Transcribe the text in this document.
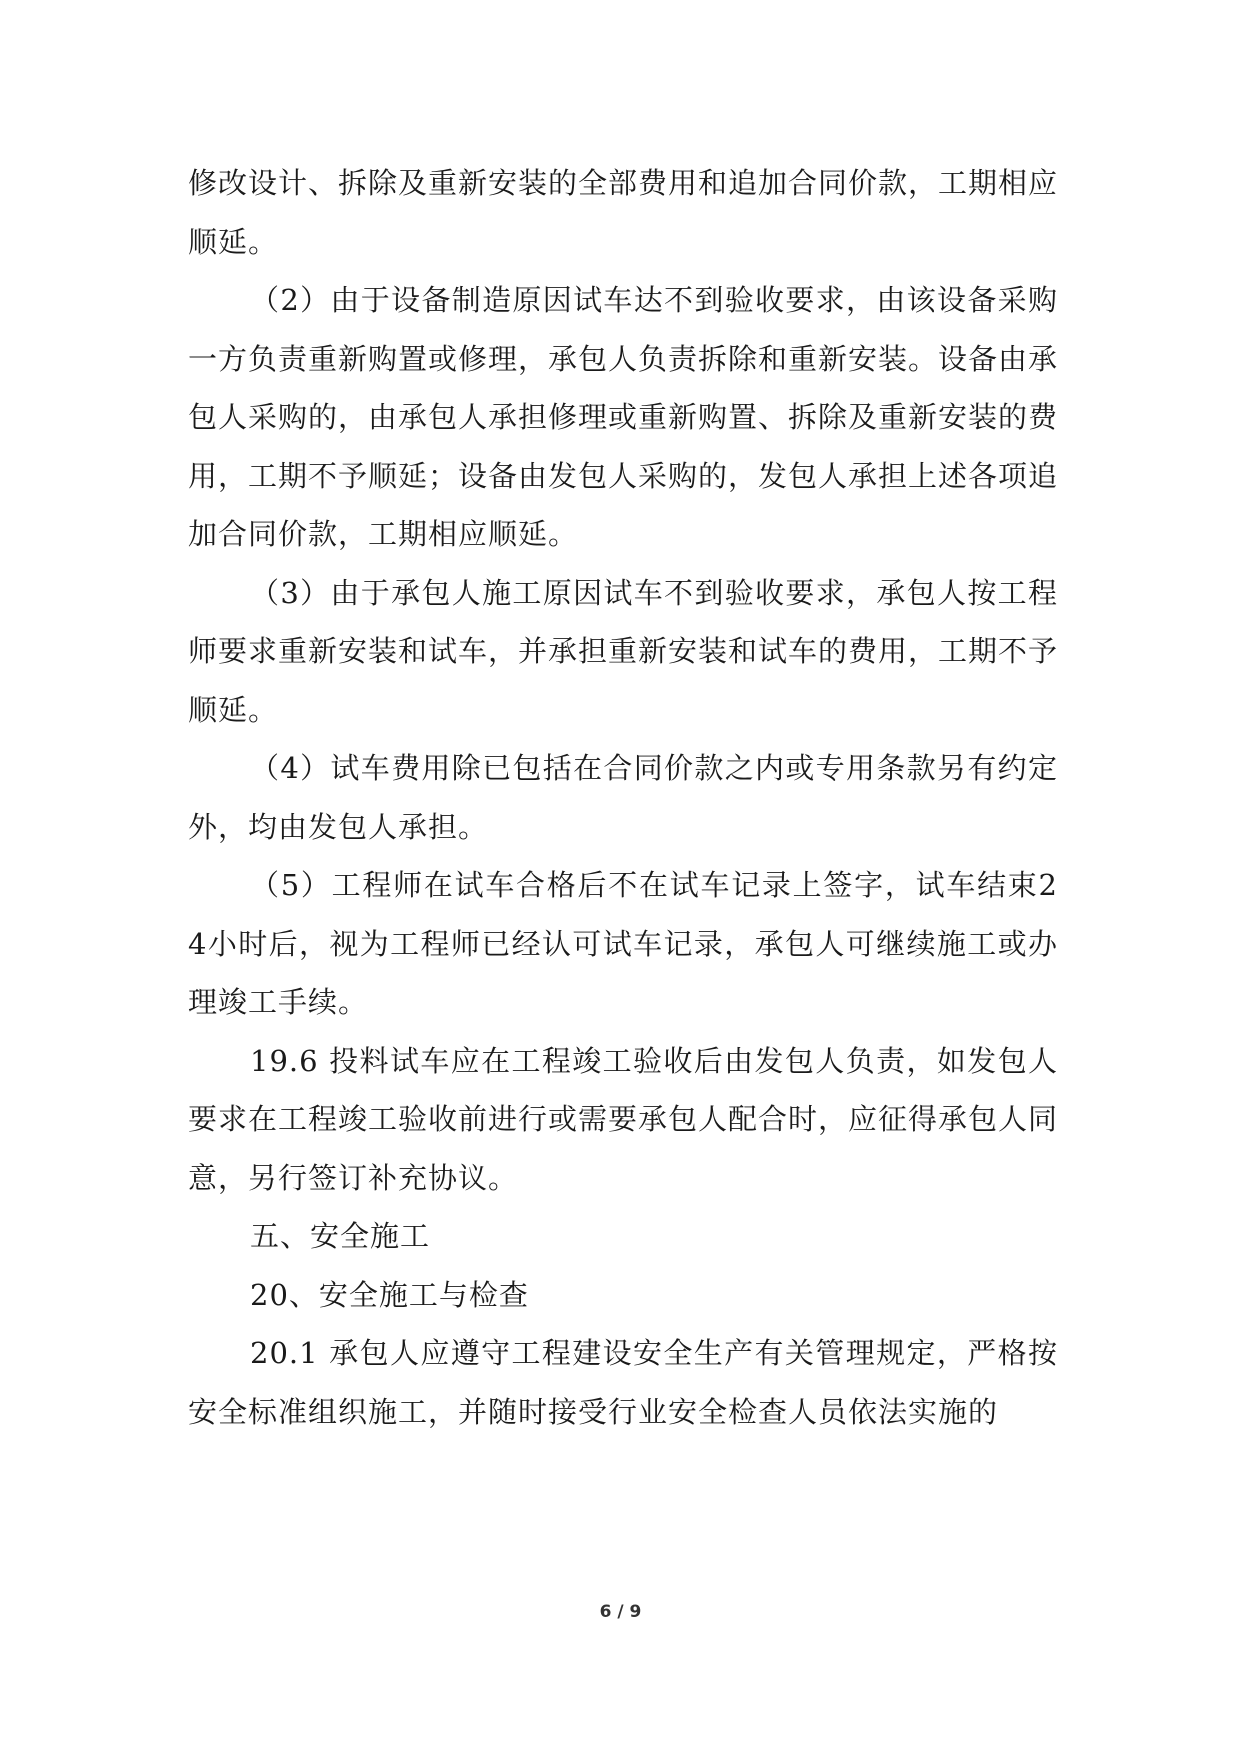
修改设计、拆除及重新安装的全部费用和追加合同价款，工期相应顺延。

（2）由于设备制造原因试车达不到验收要求，由该设备采购一方负责重新购置或修理，承包人负责拆除和重新安装。设备由承包人采购的，由承包人承担修理或重新购置、拆除及重新安装的费用，工期不予顺延；设备由发包人采购的，发包人承担上述各项追加合同价款，工期相应顺延。

（3）由于承包人施工原因试车不到验收要求，承包人按工程师要求重新安装和试车，并承担重新安装和试车的费用，工期不予顺延。

（4）试车费用除已包括在合同价款之内或专用条款另有约定外，均由发包人承担。

（5）工程师在试车合格后不在试车记录上签字，试车结束24小时后，视为工程师已经认可试车记录，承包人可继续施工或办理竣工手续。

19.6 投料试车应在工程竣工验收后由发包人负责，如发包人要求在工程竣工验收前进行或需要承包人配合时，应征得承包人同意，另行签订补充协议。

五、安全施工

20、安全施工与检查

20.1 承包人应遵守工程建设安全生产有关管理规定，严格按安全标准组织施工，并随时接受行业安全检查人员依法实施的

6 / 9
